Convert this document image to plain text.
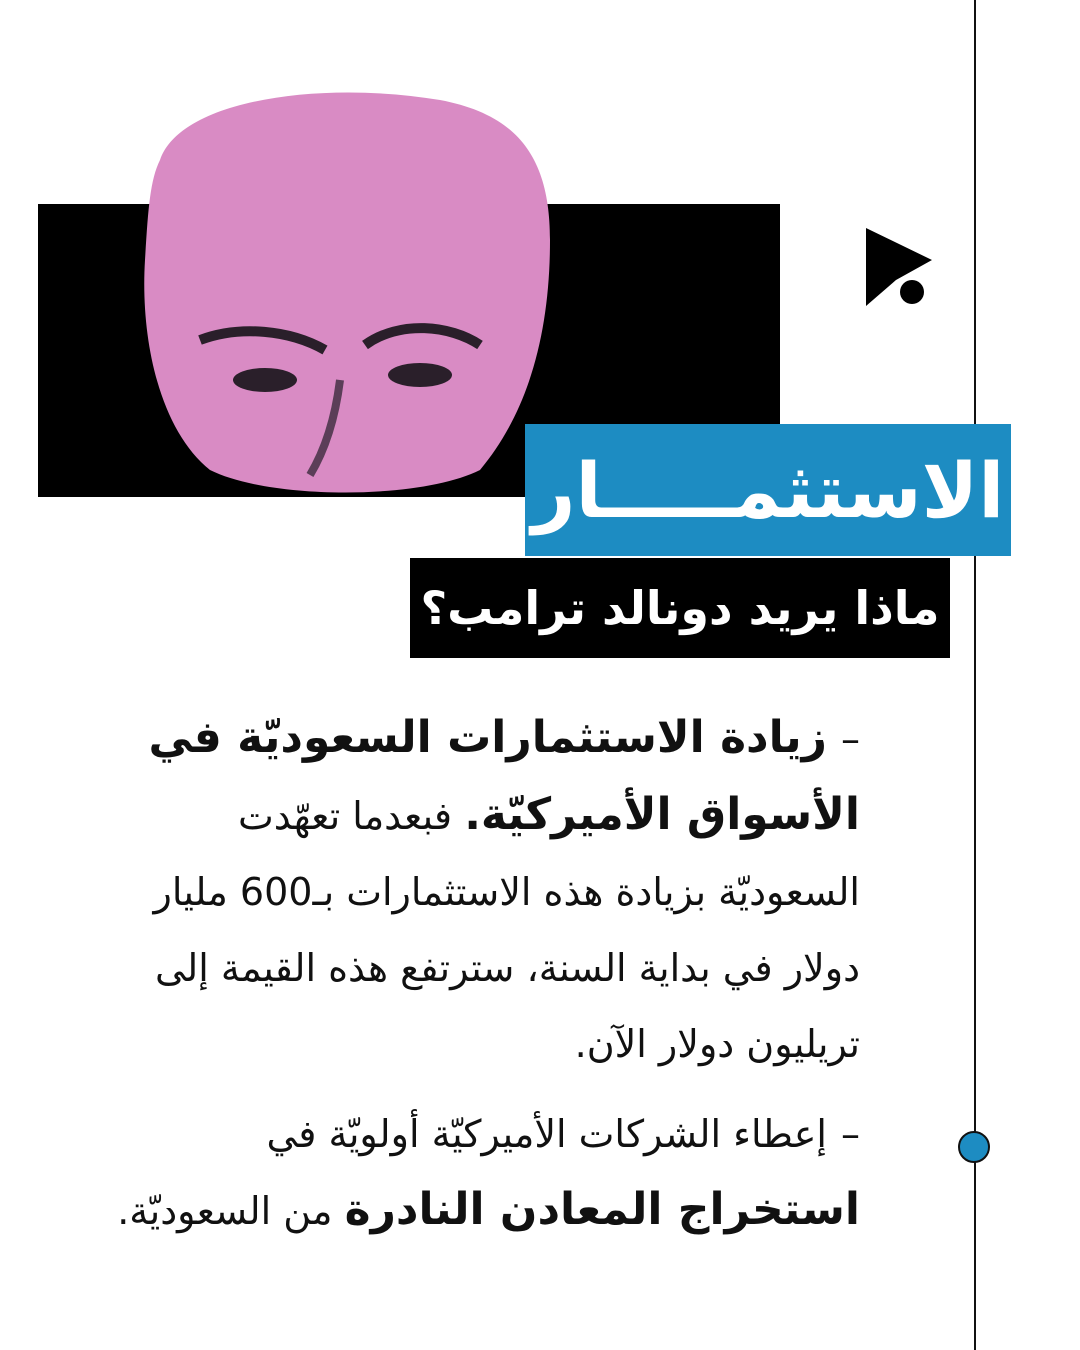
الاستثمـــــار
ماذا يريد دونالد ترامب؟
–زيادة الاستثمارات السعوديّة في الأسواق الأميركيّة. فبعدما تعهّدت السعوديّة بزيادة هذه الاستثمارات بـ600 مليار دولار في بداية السنة، سترتفع هذه القيمة إلى تريليون دولار الآن.
–إعطاء الشركات الأميركيّة أولويّة في استخراج المعادن النادرة من السعوديّة.
